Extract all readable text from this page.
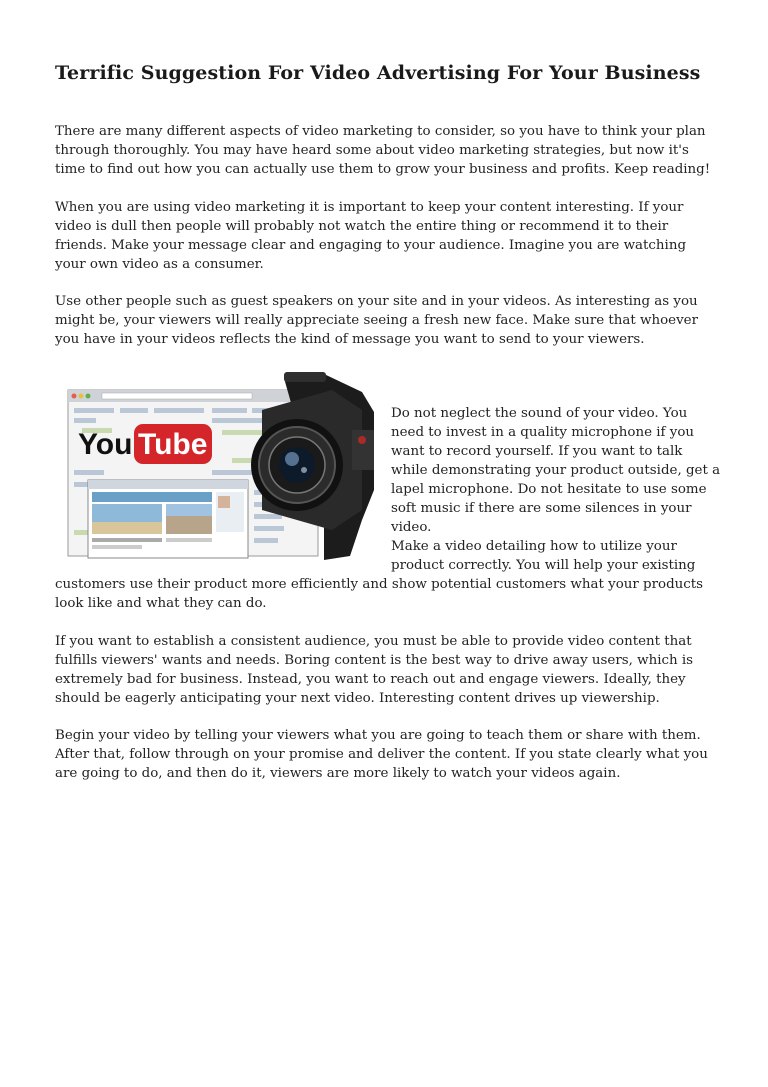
Terrific Suggestion For Video Advertising For Your Business

There are many different aspects of video marketing to consider, so you have to think your plan through thoroughly. You may have heard some about video marketing strategies, but now it's time to find out how you can actually use them to grow your business and profits. Keep reading!

When you are using video marketing it is important to keep your content interesting. If your video is dull then people will probably not watch the entire thing or recommend it to their friends. Make your message clear and engaging to your audience. Imagine you are watching your own video as a consumer.

Use other people such as guest speakers on your site and in your videos. As interesting as you might be, your viewers will really appreciate seeing a fresh new face. Make sure that whoever you have in your videos reflects the kind of message you want to send to your viewers.

You Tube

Do not neglect the sound of your video. You need to invest in a quality microphone if you want to record yourself. If you want to talk while demonstrating your product outside, get a lapel microphone. Do not hesitate to use some soft music if there are some silences in your video.

Make a video detailing how to utilize your product correctly. You will help your existing

customers use their product more efficiently and show potential customers what your products look like and what they can do.

If you want to establish a consistent audience, you must be able to provide video content that fulfills viewers' wants and needs. Boring content is the best way to drive away users, which is extremely bad for business. Instead, you want to reach out and engage viewers. Ideally, they should be eagerly anticipating your next video. Interesting content drives up viewership.

Begin your video by telling your viewers what you are going to teach them or share with them. After that, follow through on your promise and deliver the content. If you state clearly what you are going to do, and then do it, viewers are more likely to watch your videos again.
